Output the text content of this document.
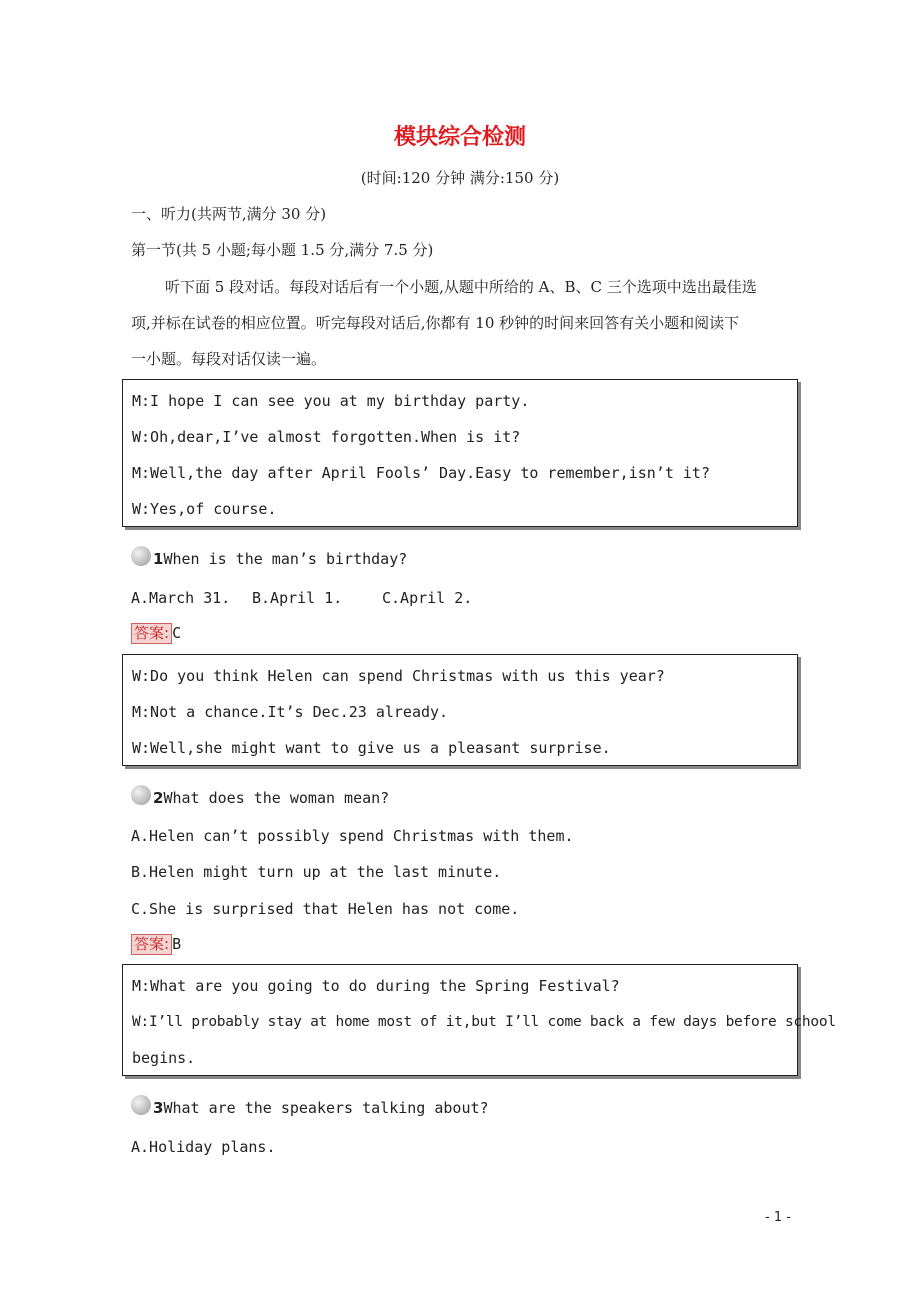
模块综合检测
(时间:120 分钟 满分:150 分)
一、听力(共两节,满分 30 分)
第一节(共 5 小题;每小题 1.5 分,满分 7.5 分)
听下面 5 段对话。每段对话后有一个小题,从题中所给的 A、B、C 三个选项中选出最佳选
项,并标在试卷的相应位置。听完每段对话后,你都有 10 秒钟的时间来回答有关小题和阅读下
一小题。每段对话仅读一遍。
M:I hope I can see you at my birthday party.
W:Oh,dear,I’ve almost forgotten.When is it?
M:Well,the day after April Fools’ Day.Easy to remember,isn’t it?
W:Yes,of course.
1When is the man’s birthday?
A.March 31. B.April 1.	C.April 2.
答案: C
W:Do you think Helen can spend Christmas with us this year?
M:Not a chance.It’s Dec.23 already.
W:Well,she might want to give us a pleasant surprise.
2What does the woman mean?
A.Helen can’t possibly spend Christmas with them.
B.Helen might turn up at the last minute.
C.She is surprised that Helen has not come.
答案: B
M:What are you going to do during the Spring Festival?
W:I’ll probably stay at home most of it,but I’ll come back a few days before school
begins.
3What are the speakers talking about?
A.Holiday plans.
- 1 -
